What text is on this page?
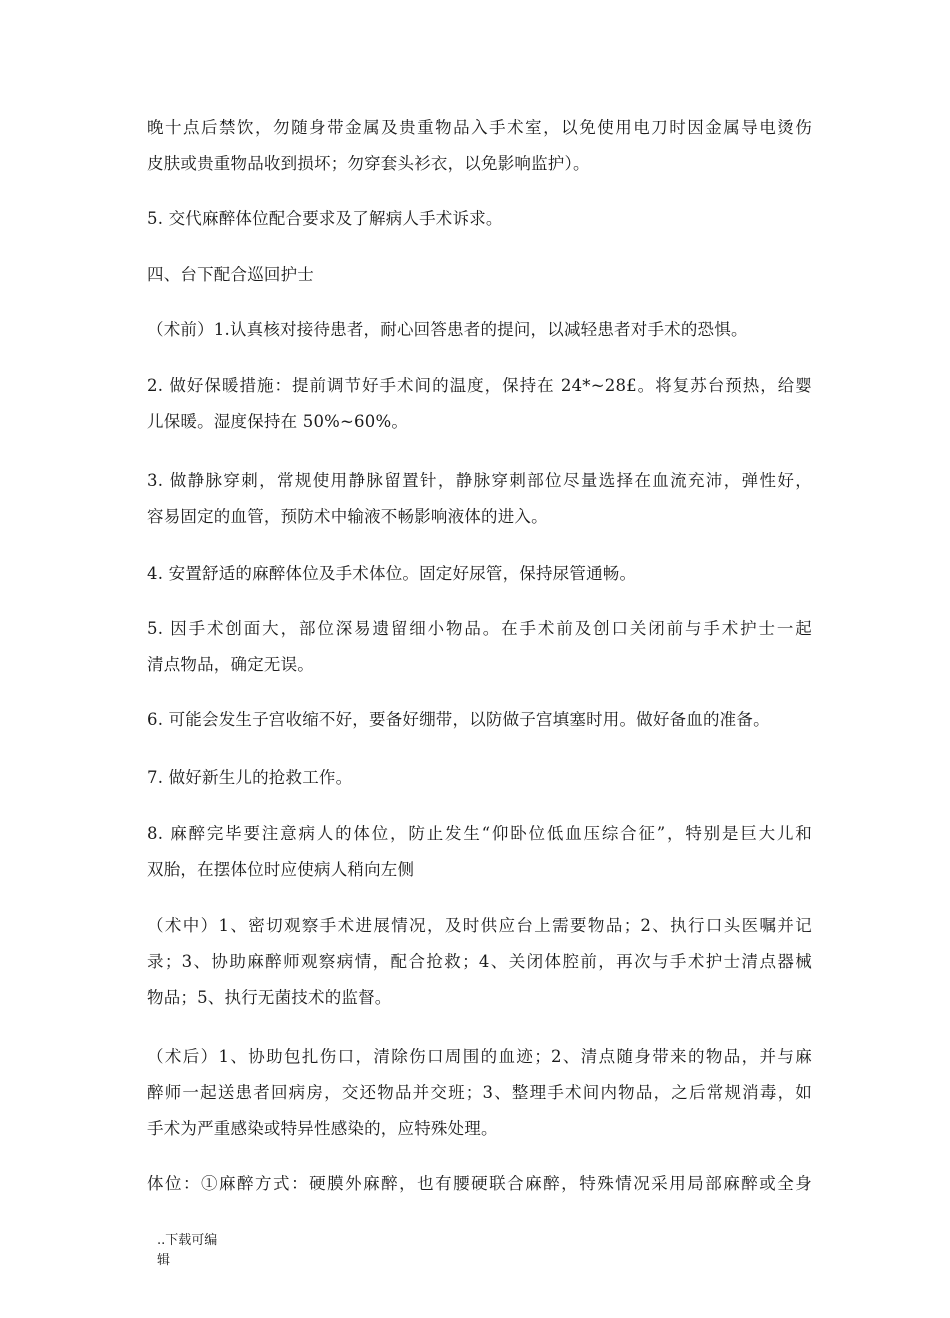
晚十点后禁饮，勿随身带金属及贵重物品入手术室，以免使用电刀时因金属导电烫伤
皮肤或贵重物品收到损坏；勿穿套头衫衣，以免影响监护）。
5. 交代麻醉体位配合要求及了解病人手术诉求。
四、台下配合巡回护士
（术前）1.认真核对接待患者，耐心回答患者的提问，以减轻患者对手术的恐惧。
2. 做好保暖措施：提前调节好手术间的温度，保持在 24*~28£。将复苏台预热，给婴
儿保暖。湿度保持在 50%~60%。
3. 做静脉穿刺，常规使用静脉留置针，静脉穿刺部位尽量选择在血流充沛，弹性好，
容易固定的血管，预防术中输液不畅影响液体的进入。
4. 安置舒适的麻醉体位及手术体位。固定好尿管，保持尿管通畅。
5. 因手术创面大，部位深易遗留细小物品。在手术前及创口关闭前与手术护士一起
清点物品，确定无误。
6. 可能会发生子宫收缩不好，要备好绷带，以防做子宫填塞时用。做好备血的准备。
7. 做好新生儿的抢救工作。
8. 麻醉完毕要注意病人的体位，防止发生“仰卧位低血压综合征”，特别是巨大儿和
双胎，在摆体位时应使病人稍向左侧
（术中）1、密切观察手术进展情况，及时供应台上需要物品；2、执行口头医嘱并记
录；3、协助麻醉师观察病情，配合抢救；4、关闭体腔前，再次与手术护士清点器械
物品；5、执行无菌技术的监督。
（术后）1、协助包扎伤口，清除伤口周围的血迹；2、清点随身带来的物品，并与麻
醉师一起送患者回病房，交还物品并交班；3、整理手术间内物品，之后常规消毒，如
手术为严重感染或特异性感染的，应特殊处理。
体位：①麻醉方式：硬膜外麻醉，也有腰硬联合麻醉，特殊情况采用局部麻醉或全身
..下载可编
辑
